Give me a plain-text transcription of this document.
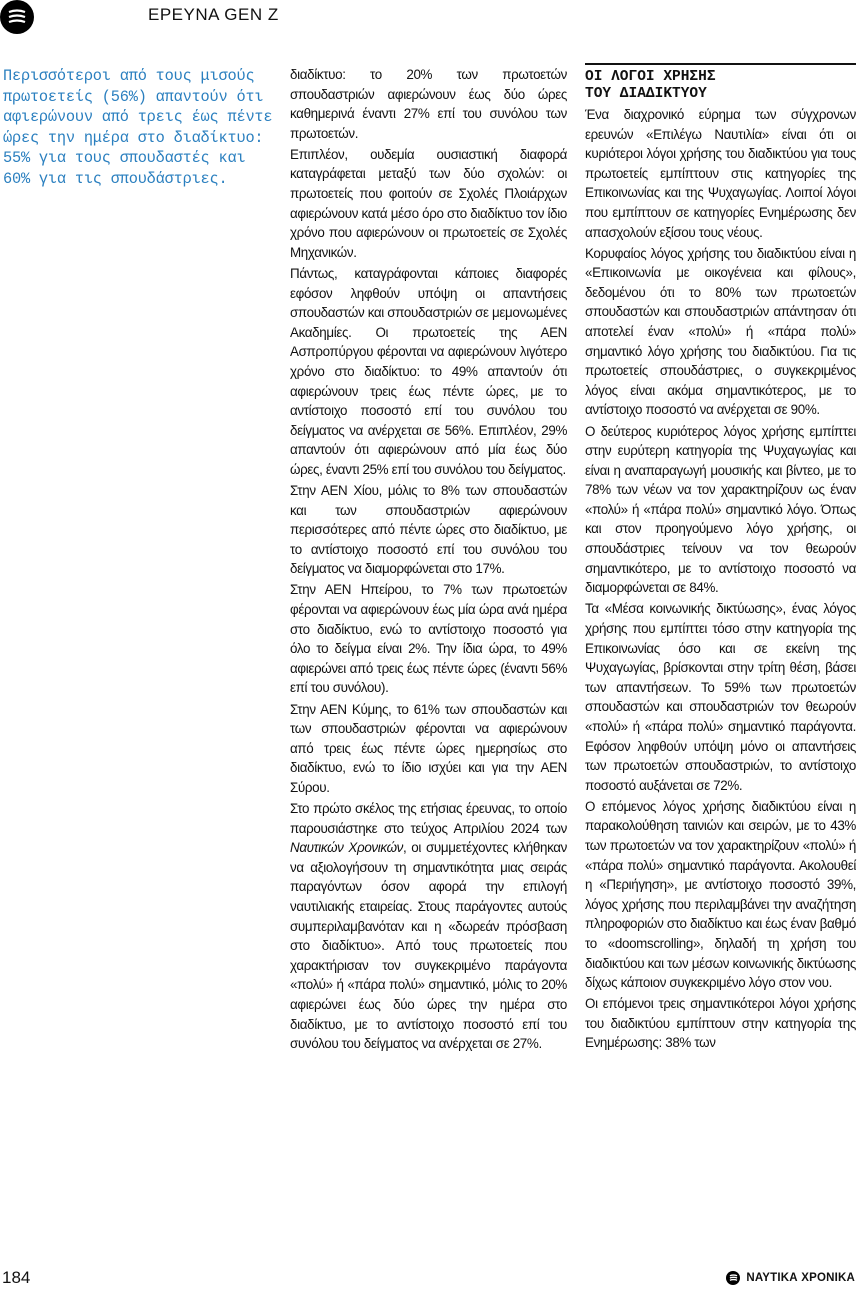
ΕΡΕΥΝΑ GEN Z
Περισσότεροι από τους μισούς πρωτοετείς (56%) απαντούν ότι αφιερώνουν από τρεις έως πέντε ώρες την ημέρα στο διαδίκτυο: 55% για τους σπουδαστές και 60% για τις σπουδάστριες.

διαδίκτυο: το 20% των πρωτοετών σπουδαστριών αφιερώνουν έως δύο ώρες καθημερινά έναντι 27% επί του συνόλου των πρωτοετών.

Επιπλέον, ουδεμία ουσιαστική διαφορά καταγράφεται μεταξύ των δύο σχολών: οι πρωτοετείς που φοιτούν σε Σχολές Πλοιάρχων αφιερώνουν κατά μέσο όρο στο διαδίκτυο τον ίδιο χρόνο που αφιερώνουν οι πρωτοετείς σε Σχολές Μηχανικών.

Πάντως, καταγράφονται κάποιες διαφορές εφόσον ληφθούν υπόψη οι απαντήσεις σπουδαστών και σπουδαστριών σε μεμονωμένες Ακαδημίες. Οι πρωτοετείς της ΑΕΝ Ασπροπύργου φέρονται να αφιερώνουν λιγότερο χρόνο στο διαδίκτυο: το 49% απαντούν ότι αφιερώνουν τρεις έως πέντε ώρες, με το αντίστοιχο ποσοστό επί του συνόλου του δείγματος να ανέρχεται σε 56%. Επιπλέον, 29% απαντούν ότι αφιερώνουν από μία έως δύο ώρες, έναντι 25% επί του συνόλου του δείγματος.

Στην ΑΕΝ Χίου, μόλις το 8% των σπουδαστών και των σπουδαστριών αφιερώνουν περισσότερες από πέντε ώρες στο διαδίκτυο, με το αντίστοιχο ποσοστό επί του συνόλου του δείγματος να διαμορφώνεται στο 17%.

Στην ΑΕΝ Ηπείρου, το 7% των πρωτοετών φέρονται να αφιερώνουν έως μία ώρα ανά ημέρα στο διαδίκτυο, ενώ το αντίστοιχο ποσοστό για όλο το δείγμα είναι 2%. Την ίδια ώρα, το 49% αφιερώνει από τρεις έως πέντε ώρες (έναντι 56% επί του συνόλου).

Στην ΑΕΝ Κύμης, το 61% των σπουδαστών και των σπουδαστριών φέρονται να αφιερώνουν από τρεις έως πέντε ώρες ημερησίως στο διαδίκτυο, ενώ το ίδιο ισχύει και για την ΑΕΝ Σύρου.

Στο πρώτο σκέλος της ετήσιας έρευνας, το οποίο παρουσιάστηκε στο τεύχος Απριλίου 2024 των Ναυτικών Χρονικών, οι συμμετέχοντες κλήθηκαν να αξιολογήσουν τη σημαντικότητα μιας σειράς παραγόντων όσον αφορά την επιλογή ναυτιλιακής εταιρείας. Στους παράγοντες αυτούς συμπεριλαμβανόταν και η «δωρεάν πρόσβαση στο διαδίκτυο». Από τους πρωτοετείς που χαρακτήρισαν τον συγκεκριμένο παράγοντα «πολύ» ή «πάρα πολύ» σημαντικό, μόλις το 20% αφιερώνει έως δύο ώρες την ημέρα στο διαδίκτυο, με το αντίστοιχο ποσοστό επί του συνόλου του δείγματος να ανέρχεται σε 27%.

ΟΙ ΛΟΓΟΙ ΧΡΗΣΗΣ
ΤΟΥ ΔΙΑΔΙΚΤΥΟΥ

Ένα διαχρονικό εύρημα των σύγχρονων ερευνών «Επιλέγω Ναυτιλία» είναι ότι οι κυριότεροι λόγοι χρήσης του διαδικτύου για τους πρωτοετείς εμπίπτουν στις κατηγορίες της Επικοινωνίας και της Ψυχαγωγίας. Λοιποί λόγοι που εμπίπτουν σε κατηγορίες Ενημέρωσης δεν απασχολούν εξίσου τους νέους.

Κορυφαίος λόγος χρήσης του διαδικτύου είναι η «Επικοινωνία με οικογένεια και φίλους», δεδομένου ότι το 80% των πρωτοετών σπουδαστών και σπουδαστριών απάντησαν ότι αποτελεί έναν «πολύ» ή «πάρα πολύ» σημαντικό λόγο χρήσης του διαδικτύου. Για τις πρωτοετείς σπουδάστριες, ο συγκεκριμένος λόγος είναι ακόμα σημαντικότερος, με το αντίστοιχο ποσοστό να ανέρχεται σε 90%.

Ο δεύτερος κυριότερος λόγος χρήσης εμπίπτει στην ευρύτερη κατηγορία της Ψυχαγωγίας και είναι η αναπαραγωγή μουσικής και βίντεο, με το 78% των νέων να τον χαρακτηρίζουν ως έναν «πολύ» ή «πάρα πολύ» σημαντικό λόγο. Όπως και στον προηγούμενο λόγο χρήσης, οι σπουδάστριες τείνουν να τον θεωρούν σημαντικότερο, με το αντίστοιχο ποσοστό να διαμορφώνεται σε 84%.

Τα «Μέσα κοινωνικής δικτύωσης», ένας λόγος χρήσης που εμπίπτει τόσο στην κατηγορία της Επικοινωνίας όσο και σε εκείνη της Ψυχαγωγίας, βρίσκονται στην τρίτη θέση, βάσει των απαντήσεων. Το 59% των πρωτοετών σπουδαστών και σπουδαστριών τον θεωρούν «πολύ» ή «πάρα πολύ» σημαντικό παράγοντα. Εφόσον ληφθούν υπόψη μόνο οι απαντήσεις των πρωτοετών σπουδαστριών, το αντίστοιχο ποσοστό αυξάνεται σε 72%.

Ο επόμενος λόγος χρήσης διαδικτύου είναι η παρακολούθηση ταινιών και σειρών, με το 43% των πρωτοετών να τον χαρακτηρίζουν «πολύ» ή «πάρα πολύ» σημαντικό παράγοντα. Ακολουθεί η «Περιήγηση», με αντίστοιχο ποσοστό 39%, λόγος χρήσης που περιλαμβάνει την αναζήτηση πληροφοριών στο διαδίκτυο και έως έναν βαθμό το «doomscrolling», δηλαδή τη χρήση του διαδικτύου και των μέσων κοινωνικής δικτύωσης δίχως κάποιον συγκεκριμένο λόγο στον νου.

Οι επόμενοι τρεις σημαντικότεροι λόγοι χρήσης του διαδικτύου εμπίπτουν στην κατηγορία της Ενημέρωσης: 38% των

184	ΝΑΥΤΙΚΑ ΧΡΟΝΙΚΑ
